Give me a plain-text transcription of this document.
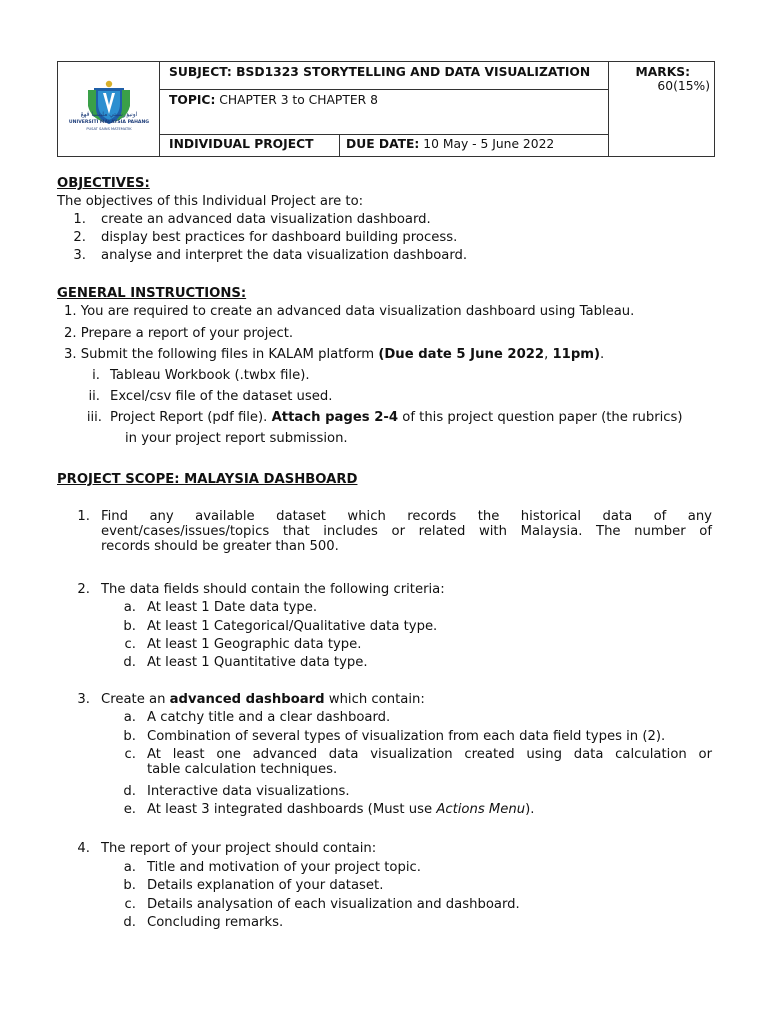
اونيۏرسيتي مليسيا ڤهڠ
UNIVERSITI MALAYSIA PAHANG
PUSAT SAINS MATEMATIK
SUBJECT: BSD1323 STORYTELLING AND DATA VISUALIZATION
TOPIC: CHAPTER 3 to CHAPTER 8
INDIVIDUAL PROJECT	DUE DATE: 10 May - 5 June 2022
MARKS:
60(15%)
OBJECTIVES:
The objectives of this Individual Project are to:
1. create an advanced data visualization dashboard.
2. display best practices for dashboard building process.
3. analyse and interpret the data visualization dashboard.
GENERAL INSTRUCTIONS:
1. You are required to create an advanced data visualization dashboard using Tableau.
2. Prepare a report of your project.
3. Submit the following files in KALAM platform (Due date 5 June 2022, 11pm).
i. Tableau Workbook (.twbx file).
ii. Excel/csv file of the dataset used.
iii. Project Report (pdf file). Attach pages 2-4 of this project question paper (the rubrics)
in your project report submission.
PROJECT SCOPE: MALAYSIA DASHBOARD
1. Find any available dataset which records the historical data of any
event/cases/issues/topics that includes or related with Malaysia. The number of
records should be greater than 500.
2. The data fields should contain the following criteria:
a. At least 1 Date data type.
b. At least 1 Categorical/Qualitative data type.
c. At least 1 Geographic data type.
d. At least 1 Quantitative data type.
3. Create an advanced dashboard which contain:
a. A catchy title and a clear dashboard.
b. Combination of several types of visualization from each data field types in (2).
c. At least one advanced data visualization created using data calculation or
table calculation techniques.
d. Interactive data visualizations.
e. At least 3 integrated dashboards (Must use Actions Menu).
4. The report of your project should contain:
a. Title and motivation of your project topic.
b. Details explanation of your dataset.
c. Details analysation of each visualization and dashboard.
d. Concluding remarks.
